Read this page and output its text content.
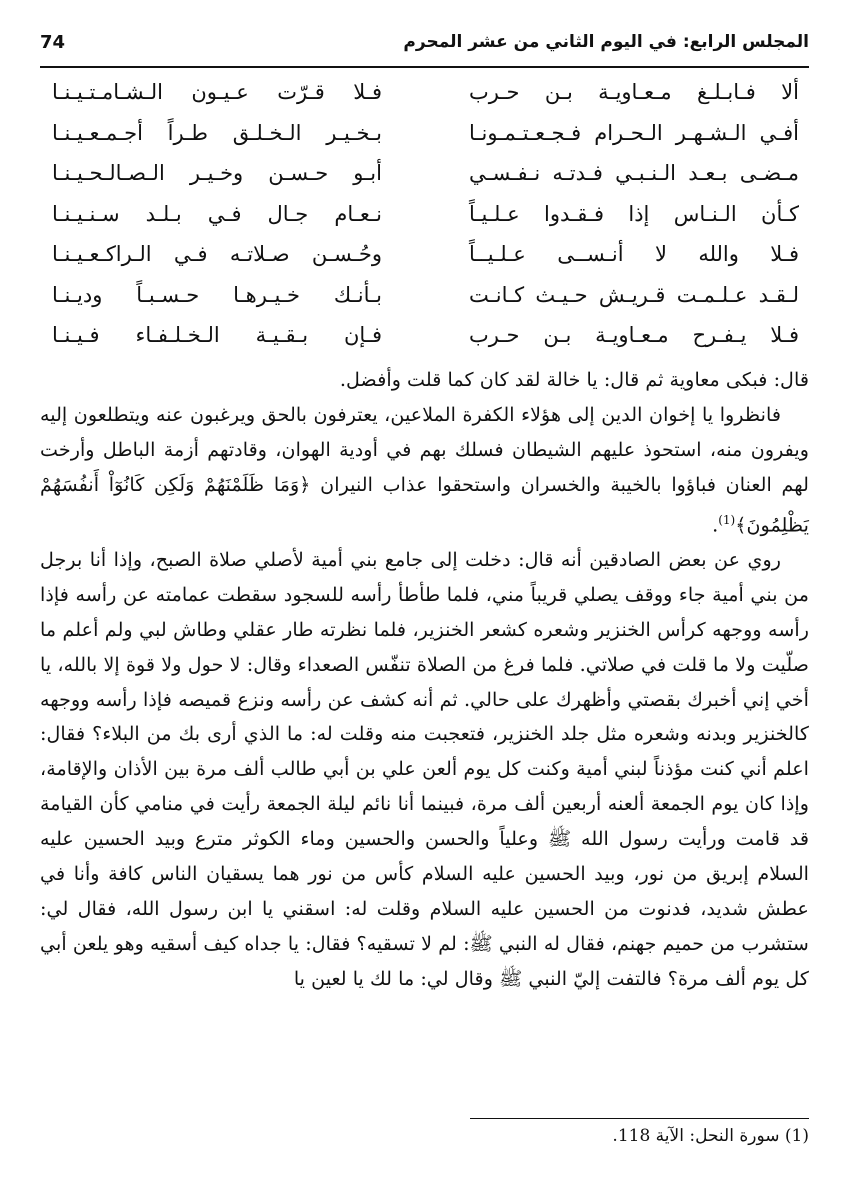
74	المجلس الرابع: في اليوم الثاني من عشر المحرم
ألا فـابـلـغ مـعـاويـة بـن حـرب
فـلا قـرّت عـيـون الـشـامـتـيـنـا
أفـي الـشـهـر الـحـرام فـجـعـتـمـونـا
بـخـيـر الـخـلـق طـراً أجـمـعـيـنـا
مـضـى بـعـد الـنـبـي فـدتـه نـفـسـي
أبـو حـسـن وخـيـر الـصـالـحـيـنـا
كـأن الـنـاس إذا فـقـدوا عـلـيـاً
نـعـام جـال فـي بـلـد سـنـيـنـا
فـلا والله لا أنـســى عـلـيــاً
وحُـسـن صـلاتـه فـي الـراكـعـيـنـا
لـقـد عـلـمـت قـريـش حـيـث كـانـت
بـأنـك خـيـرهـا حـسـبـاً ودیـنـا
فـلا يـفـرح مـعـاويـة بـن حـرب
فـإن بـقـيـة الـخـلـفـاء فـيـنـا

قال: فبكى معاوية ثم قال: يا خالة لقد كان كما قلت وأفضل.

فانظروا يا إخوان الدين إلى هؤلاء الكفرة الملاعين، يعترفون بالحق ويرغبون عنه ويتطلعون إليه ويفرون منه، استحوذ عليهم الشيطان فسلك بهم في أودية الهوان، وقادتهم أزمة الباطل وأرخت لهم العنان فباؤوا بالخيبة والخسران واستحقوا عذاب النيران ﴿وَمَا ظَلَمْنَهُمْ وَلَكِن كَانُوٓاْ أَنفُسَهُمْ يَظْلِمُونَ﴾$^{(1)}$.

روي عن بعض الصادقين أنه قال: دخلت إلى جامع بني أمية لأصلي صلاة الصبح، وإذا أنا برجل من بني أمية جاء ووقف يصلي قريباً مني، فلما طأطأ رأسه للسجود سقطت عمامته عن رأسه فإذا رأسه ووجهه كرأس الخنزير وشعره كشعر الخنزير، فلما نظرته طار عقلي وطاش لبي ولم أعلم ما صلّيت ولا ما قلت في صلاتي. فلما فرغ من الصلاة تنفّس الصعداء وقال: لا حول ولا قوة إلا بالله، يا أخي إني أخبرك بقصتي وأظهرك على حالي. ثم أنه كشف عن رأسه ونزع قميصه فإذا رأسه ووجهه كالخنزير وبدنه وشعره مثل جلد الخنزير، فتعجبت منه وقلت له: ما الذي أرى بك من البلاء؟ فقال: اعلم أني كنت مؤذناً لبني أمية وكنت كل يوم ألعن علي بن أبي طالب ألف مرة بين الأذان والإقامة، وإذا كان يوم الجمعة ألعنه أربعين ألف مرة، فبينما أنا نائم ليلة الجمعة رأيت في منامي كأن القيامة قد قامت ورأيت رسول الله ﷺ وعلياً والحسن والحسين وماء الكوثر مترع وبيد الحسين عليه السلام إبريق من نور، وبيد الحسين عليه السلام كأس من نور هما يسقيان الناس كافة وأنا في عطش شديد، فدنوت من الحسين عليه السلام وقلت له: اسقني يا ابن رسول الله، فقال لي: ستشرب من حميم جهنم، فقال له النبي ﷺ: لم لا تسقيه؟ فقال: يا جداه كيف أسقيه وهو يلعن أبي كل يوم ألف مرة؟ فالتفت إليّ النبي ﷺ وقال لي: ما لك يا لعين يا

(1) سورة النحل: الآية 118.
